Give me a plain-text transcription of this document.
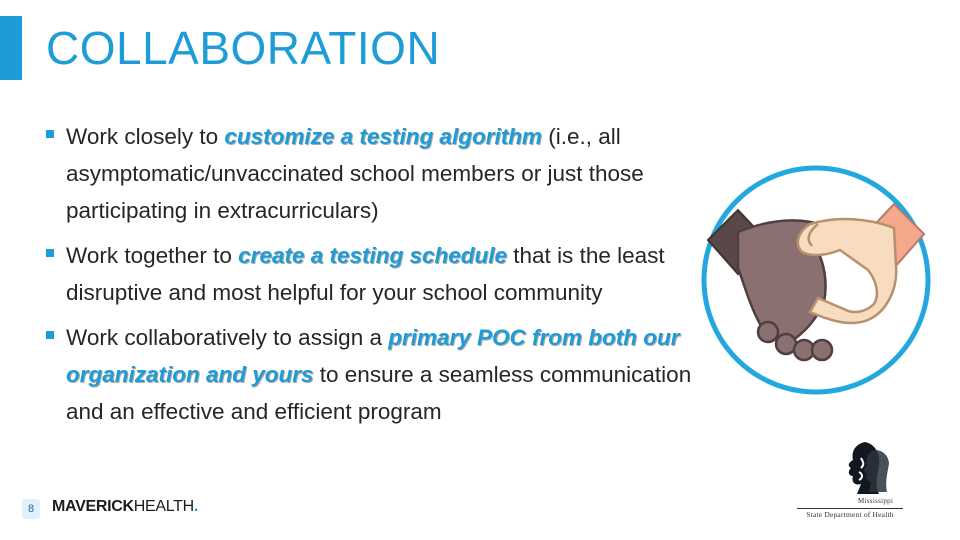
COLLABORATION
Work closely to customize a testing algorithm (i.e., all asymptomatic/unvaccinated school members or just those participating in extracurriculars)
Work together to create a testing schedule that is the least disruptive and most helpful for your school community
Work collaboratively to assign a primary POC from both our organization and yours to ensure a seamless communication and an effective and efficient program
8	MAVERICKHEALTH.	Mississippi
State Department of Health
